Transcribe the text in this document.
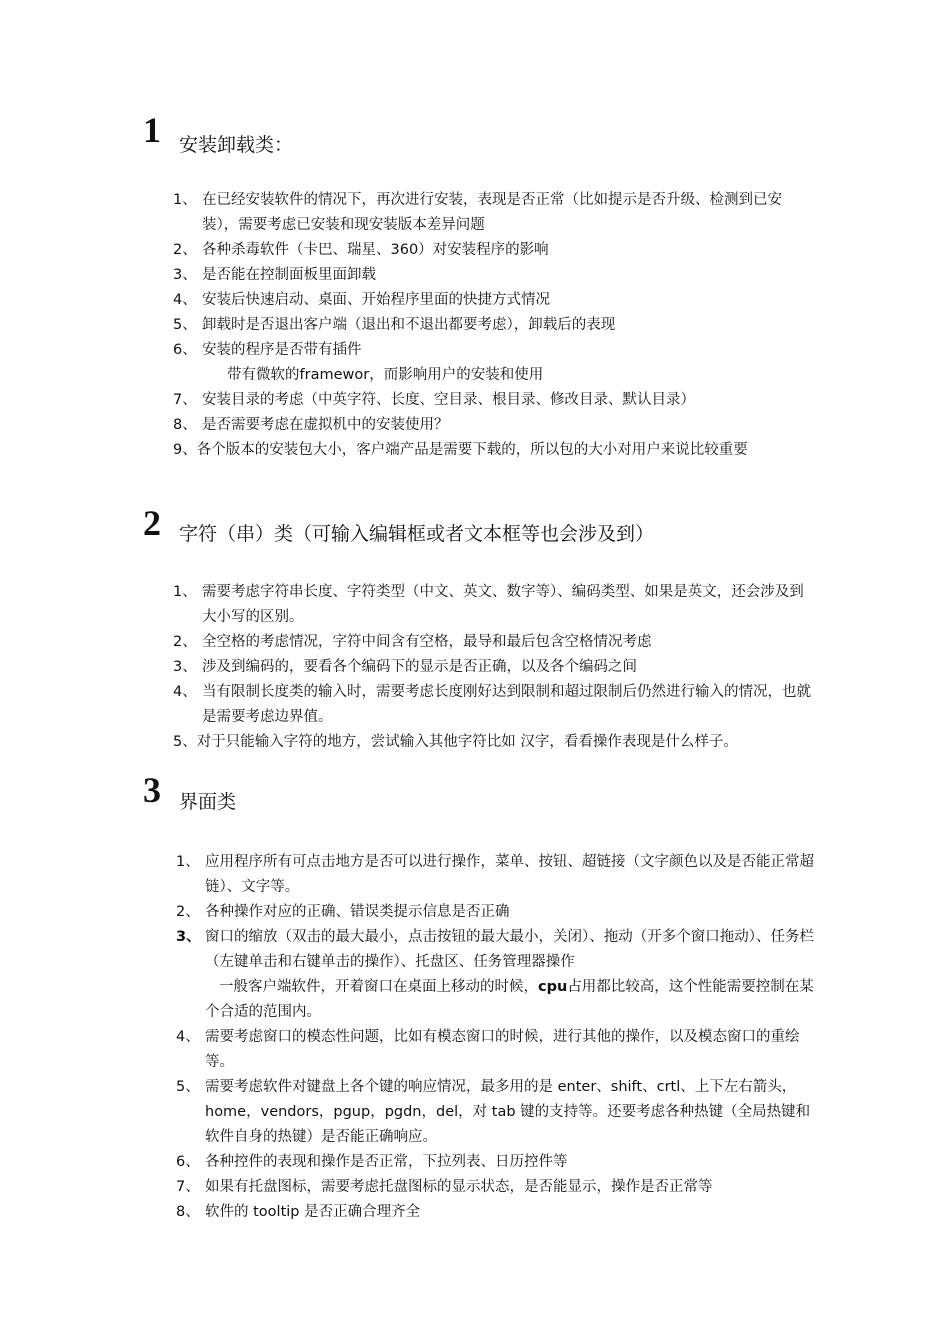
1 安装卸载类：
1、 在已经安装软件的情况下，再次进行安装，表现是否正常（比如提示是否升级、检测到已安装），需要考虑已安装和现安装版本差异问题
2、 各种杀毒软件（卡巴、瑞星、360）对安装程序的影响
3、 是否能在控制面板里面卸载
4、 安装后快速启动、桌面、开始程序里面的快捷方式情况
5、 卸载时是否退出客户端（退出和不退出都要考虑），卸载后的表现
6、 安装的程序是否带有插件
带有微软的framewor，而影响用户的安装和使用
7、 安装目录的考虑（中英字符、长度、空目录、根目录、修改目录、默认目录）
8、 是否需要考虑在虚拟机中的安装使用？
9、各个版本的安装包大小，客户端产品是需要下载的，所以包的大小对用户来说比较重要
2 字符（串）类（可输入编辑框或者文本框等也会涉及到）
1、 需要考虑字符串长度、字符类型（中文、英文、数字等）、编码类型、如果是英文，还会涉及到大小写的区别。
2、 全空格的考虑情况，字符中间含有空格，最导和最后包含空格情况考虑
3、 涉及到编码的，要看各个编码下的显示是否正确，以及各个编码之间
4、 当有限制长度类的输入时，需要考虑长度刚好达到限制和超过限制后仍然进行输入的情况，也就是需要考虑边界值。
5、对于只能输入字符的地方，尝试输入其他字符比如 汉字，看看操作表现是什么样子。
3 界面类
1、 应用程序所有可点击地方是否可以进行操作，菜单、按钮、超链接（文字颜色以及是否能正常超链）、文字等。
2、 各种操作对应的正确、错误类提示信息是否正确
3、 窗口的缩放（双击的最大最小，点击按钮的最大最小，关闭）、拖动（开多个窗口拖动）、任务栏（左键单击和右键单击的操作）、托盘区、任务管理器操作
一般客户端软件，开着窗口在桌面上移动的时候，cpu占用都比较高，这个性能需要控制在某个合适的范围内。
4、 需要考虑窗口的模态性问题，比如有模态窗口的时候，进行其他的操作，以及模态窗口的重绘等。
5、 需要考虑软件对键盘上各个键的响应情况，最多用的是 enter、shift、crtl、上下左右箭头，home，vendors，pgup，pgdn，del，对 tab 键的支持等。还要考虑各种热键（全局热键和软件自身的热键）是否能正确响应。
6、 各种控件的表现和操作是否正常，下拉列表、日历控件等
7、 如果有托盘图标，需要考虑托盘图标的显示状态，是否能显示，操作是否正常等
8、 软件的 tooltip 是否正确合理齐全
